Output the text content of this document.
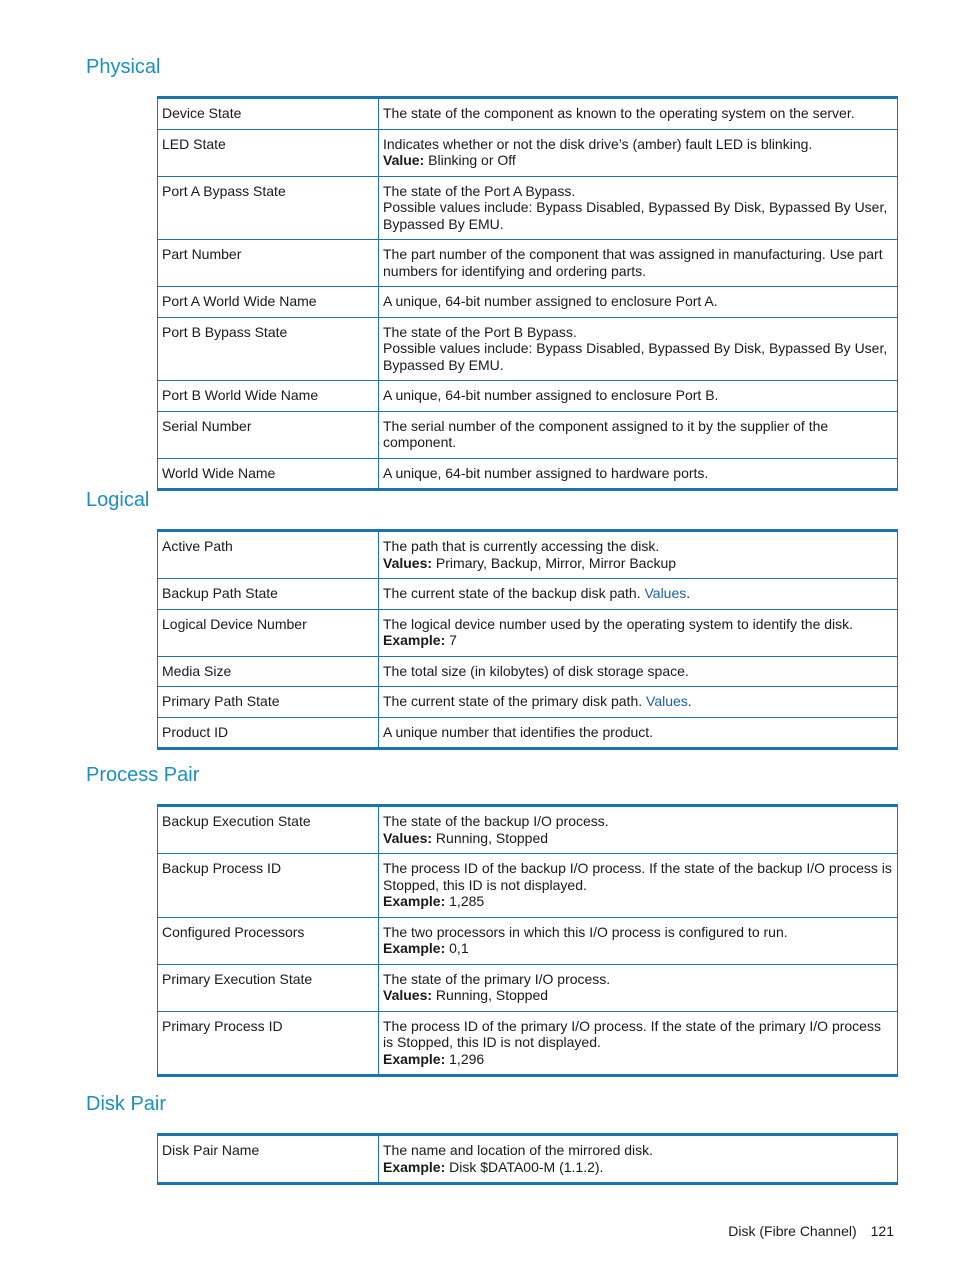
Physical
Device State	The state of the component as known to the operating system on the server.

LED State	Indicates whether or not the disk drive’s (amber) fault LED is blinking.
Value: Blinking or Off

Port A Bypass State	The state of the Port A Bypass.
Possible values include: Bypass Disabled, Bypassed By Disk, Bypassed By User, Bypassed By EMU.

Part Number	The part number of the component that was assigned in manufacturing. Use part numbers for identifying and ordering parts.

Port A World Wide Name	A unique, 64-bit number assigned to enclosure Port A.

Port B Bypass State	The state of the Port B Bypass.
Possible values include: Bypass Disabled, Bypassed By Disk, Bypassed By User, Bypassed By EMU.

Port B World Wide Name	A unique, 64-bit number assigned to enclosure Port B.

Serial Number	The serial number of the component assigned to it by the supplier of the component.

World Wide Name	A unique, 64-bit number assigned to hardware ports.
Logical
Active Path	The path that is currently accessing the disk.
Values: Primary, Backup, Mirror, Mirror Backup

Backup Path State	The current state of the backup disk path. Values.

Logical Device Number	The logical device number used by the operating system to identify the disk.
Example: 7

Media Size	The total size (in kilobytes) of disk storage space.

Primary Path State	The current state of the primary disk path. Values.

Product ID	A unique number that identifies the product.
Process Pair
Backup Execution State	The state of the backup I/O process.
Values: Running, Stopped

Backup Process ID	The process ID of the backup I/O process. If the state of the backup I/O process is Stopped, this ID is not displayed.
Example: 1,285

Configured Processors	The two processors in which this I/O process is configured to run.
Example: 0,1

Primary Execution State	The state of the primary I/O process.
Values: Running, Stopped

Primary Process ID	The process ID of the primary I/O process. If the state of the primary I/O process is Stopped, this ID is not displayed.
Example: 1,296
Disk Pair
Disk Pair Name	The name and location of the mirrored disk.
Example: Disk $DATA00-M (1.1.2).
Disk (Fibre Channel) 121
